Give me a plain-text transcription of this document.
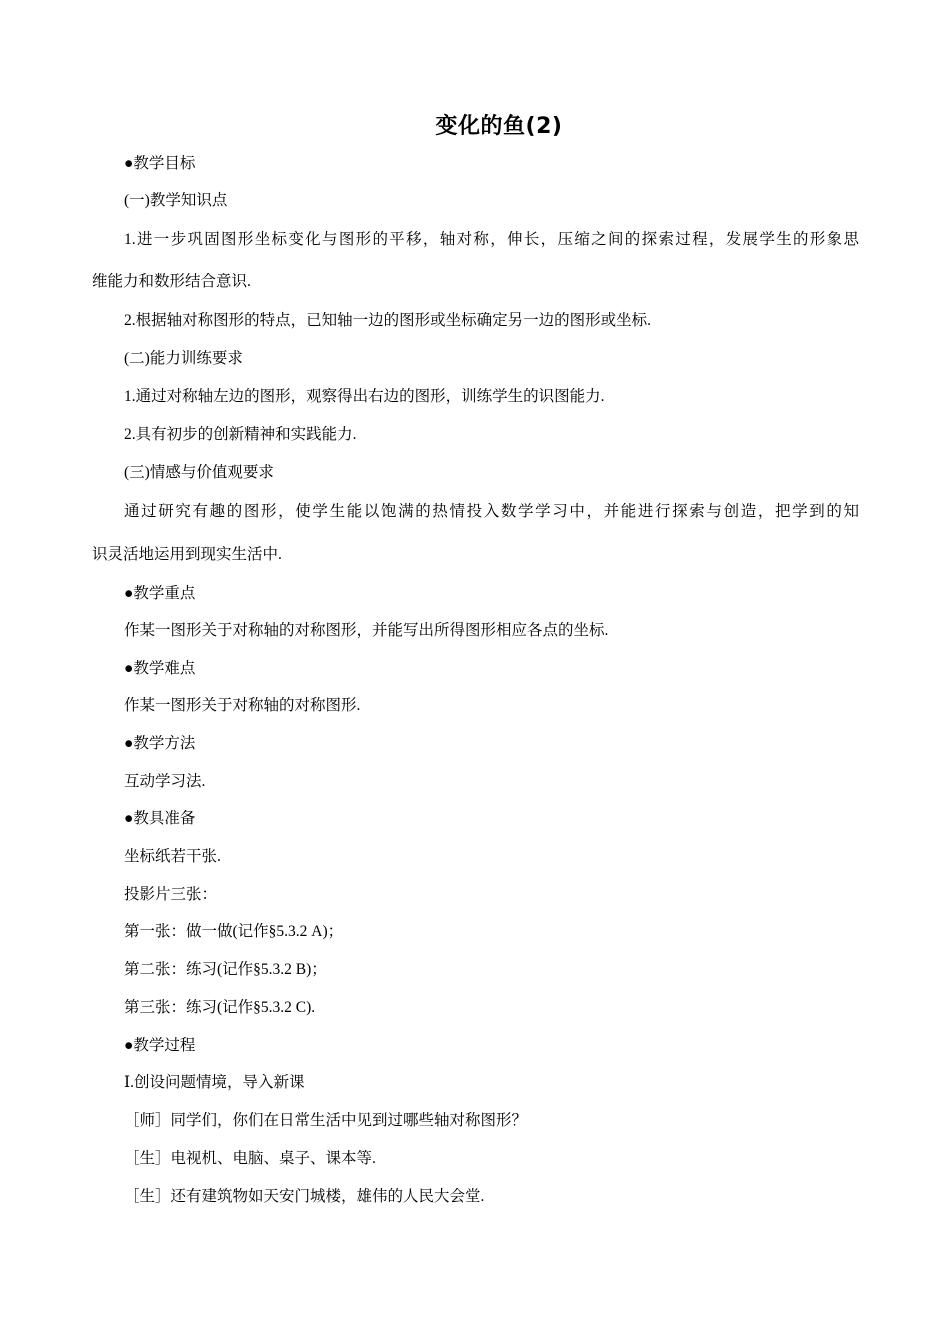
变化的鱼(2)
●教学目标
(一)教学知识点
1.进一步巩固图形坐标变化与图形的平移，轴对称，伸长，压缩之间的探索过程，发展学生的形象思
维能力和数形结合意识.
2.根据轴对称图形的特点，已知轴一边的图形或坐标确定另一边的图形或坐标.
(二)能力训练要求
1.通过对称轴左边的图形，观察得出右边的图形，训练学生的识图能力.
2.具有初步的创新精神和实践能力.
(三)情感与价值观要求
通过研究有趣的图形，使学生能以饱满的热情投入数学学习中，并能进行探索与创造，把学到的知
识灵活地运用到现实生活中.
●教学重点
作某一图形关于对称轴的对称图形，并能写出所得图形相应各点的坐标.
●教学难点
作某一图形关于对称轴的对称图形.
●教学方法
互动学习法.
●教具准备
坐标纸若干张.
投影片三张：
第一张：做一做(记作§5.3.2 A)；
第二张：练习(记作§5.3.2 B)；
第三张：练习(记作§5.3.2 C).
●教学过程
Ⅰ.创设问题情境，导入新课
［师］同学们，你们在日常生活中见到过哪些轴对称图形？
［生］电视机、电脑、桌子、课本等.
［生］还有建筑物如天安门城楼，雄伟的人民大会堂.
